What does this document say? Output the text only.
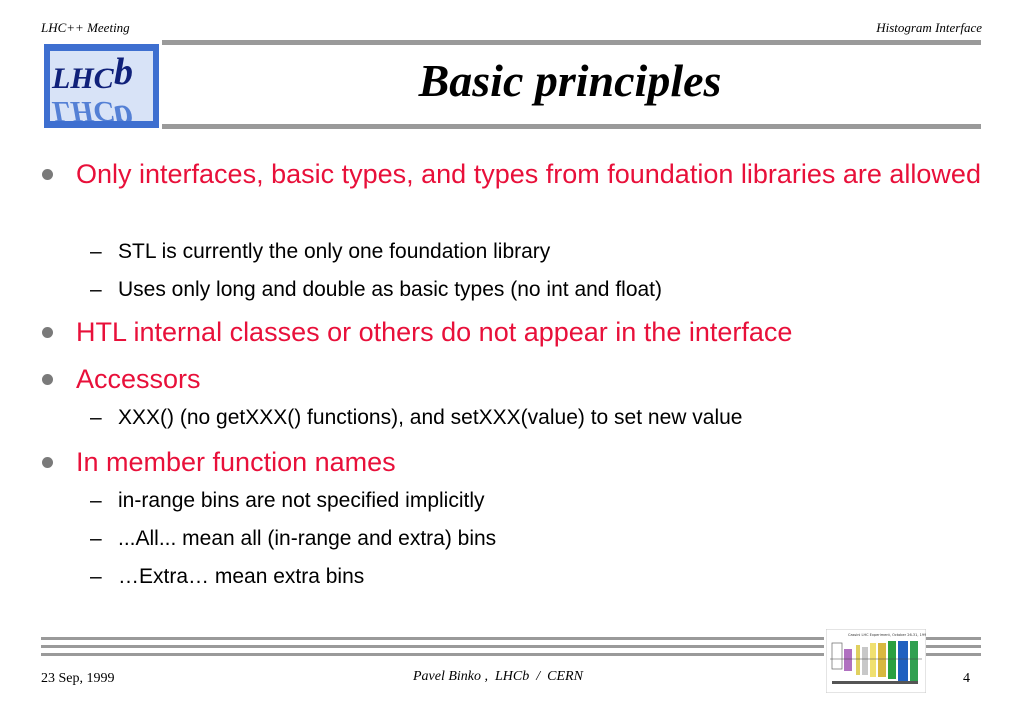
LHC++ Meeting	Histogram Interface
LHC b
LHC b
Basic principles
Only interfaces, basic types, and types from foundation libraries are allowed
– STL is currently the only one foundation library
– Uses only long and double as basic types (no int and float)
HTL internal classes or others do not appear in the interface
Accessors
– XXX() (no getXXX() functions), and setXXX(value) to set new value
In member function names
– in-range bins are not specified implicitly
– ...All... mean all (in-range and extra) bins
– …Extra… mean extra bins
Cassini LHC Experiment, October 26-31, 1997
23 Sep, 1999	Pavel Binko ,  LHCb  /  CERN	4
